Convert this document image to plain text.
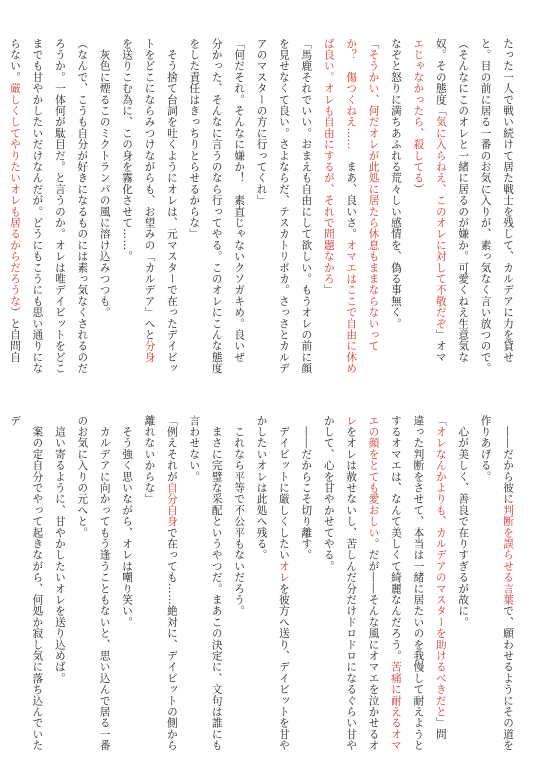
たった一人で戦い続けて居た戦士を残して、カルデアに力を貸せ
と。目の前に居る一番のお気に入りが、素っ気なく言い放つので。
（そんなにこのオレと一緒に居るのが嫌か。可愛くねえ生意気な
奴。その態度「気に入らねえ、このオレに対して不敬だぞ」オマ
エじゃなかったら、殺してる）
なぞと怒りに満ちあふれる荒々しい感情を、偽る事無く。
「そうかい、何だオレが此処に居たら休息もままならないって
か？　傷つくねえ……　まあ、良いさ。オマエはここで自由に休め
ば良い。オレも自由にするが、それで問題なかろ」
「馬鹿それでいい。おまえも自由にして欲しい。もうオレの前に顔
を見せなくて良い。さよならだ、テスカトリポカ。さっさとカルデ
アのマスターの方に行ってくれ」
「何だそれ。そんなに嫌か！　素直じゃないクソガキめ。良いぜ
分かった、そんなに言うのなら行ってやる。このオレにこんな態度
をした責任はきっちりとらせるからな」
　そう捨て台詞を吐くようにオレは、元マスターで在ったデイビッ
トをどこにならみつけながらも、お望みの「カルデア」へと分身
を送りこむ為に、この身を霧化させて……。
　灰色に煙るこのミクトランパの風に溶け込みつつも。
（なんで、こうも自分が好きになるものには素っ気なくされるのだ
ろうか。一体何が駄目だ。と言うのか。オレは唯デイビットをどこ
までも甘やかしたいだけなんだが。どうにもこうにも思い通りにな
らない。厳しくしてやりたいオレも居るからだろうな）と自問自
　――だから彼に判断を誤らせる言葉で、願わせるようにその道を
作りあげる。
　心が美しく、善良で在りすぎるが故に。
「オレなんかよりも、カルデアのマスターを助けるべきだと」問
違った判断をさせて、本当は一緒に居たいのを我慢して耐えようと
するオマエは、なんて美しくて綺麗なんだろう。苦痛に耐えるオマ
エの顔をとても愛おしい。だが――そんな風にオマエを泣かせるオ
レをオレは赦せないし、苦しんだ分だけドロドロになるぐらい甘や
かして、心を甘やかせてやる。
　――だからこそ切り離す。
　デイビットに厳しくしたいオレを彼方へ送り、デイビットを甘や
かしたいオレは此処へ残る。
　これなら平等で不公平もないだろう。
　まさに完璧な采配というやつだ。まあこの決定に、文句は誰にも
言わせない。
「例えそれが自分自身で在っても……絶対に、デイビットの側から
離れないからな」
　そう強く思いながら、オレは嘲り笑い。
　カルデアに向かってもう逢うこともないと、思い込んで居る一番
のお気に入りの元へと。
　這い寄るように、甘やかしたいオレを送り込めば。
　案の定自分でやって起きながら、何処か寂し気に落ち込んでいたデ
